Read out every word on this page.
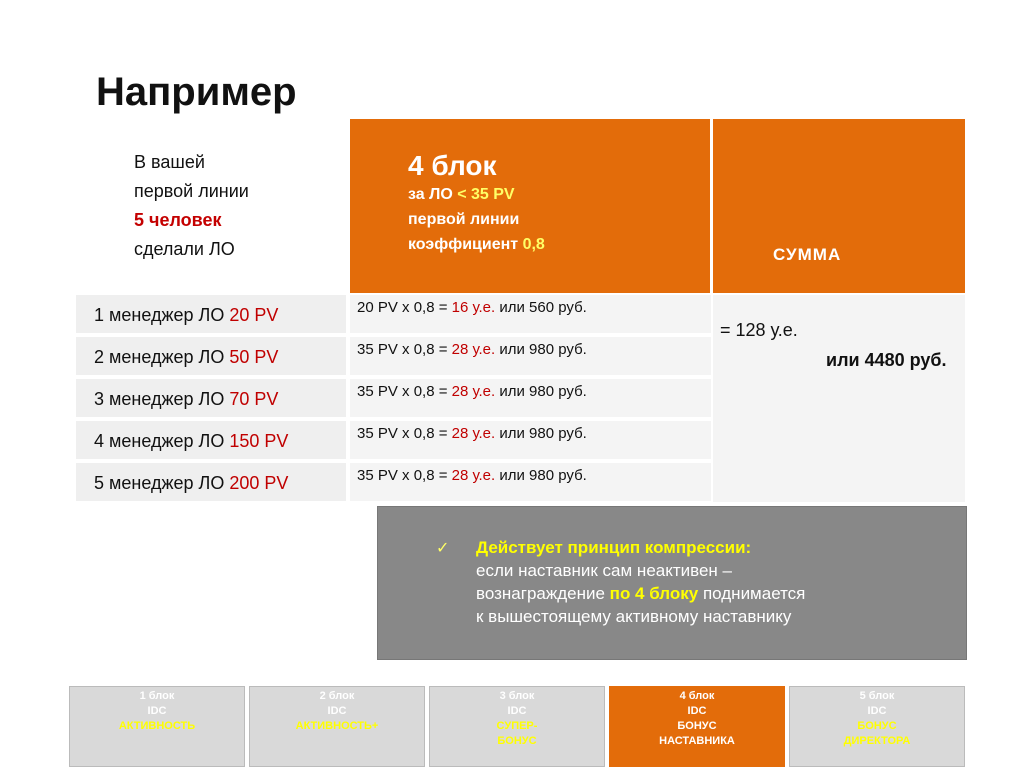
Например
В вашей
первой линии
5 человек
сделали ЛО
4 блок
за ЛО < 35 PV
первой линии
коэффициент 0,8
СУММА
1 менеджер ЛО 20 PV	20 PV x 0,8 = 16 у.е. или 560 руб.
2 менеджер ЛО 50 PV	35 PV x 0,8 = 28 у.е. или 980 руб.
3 менеджер ЛО 70 PV	35 PV x 0,8 = 28 у.е. или 980 руб.
4 менеджер ЛО 150 PV	35 PV x 0,8 = 28 у.е. или 980 руб.
5 менеджер ЛО 200 PV	35 PV x 0,8 = 28 у.е. или 980 руб.
= 128 у.е.
или 4480 руб.
✓ Действует принцип компрессии:
если наставник сам неактивен –
вознаграждение по 4 блоку поднимается
к вышестоящему активному наставнику
1 блок
IDC
АКТИВНОСТЬ
2 блок
IDC
АКТИВНОСТЬ+
3 блок
IDC
СУПЕР-
БОНУС
4 блок
IDC
БОНУС
НАСТАВНИКА
5 блок
IDC
БОНУС
ДИРЕКТОРА
